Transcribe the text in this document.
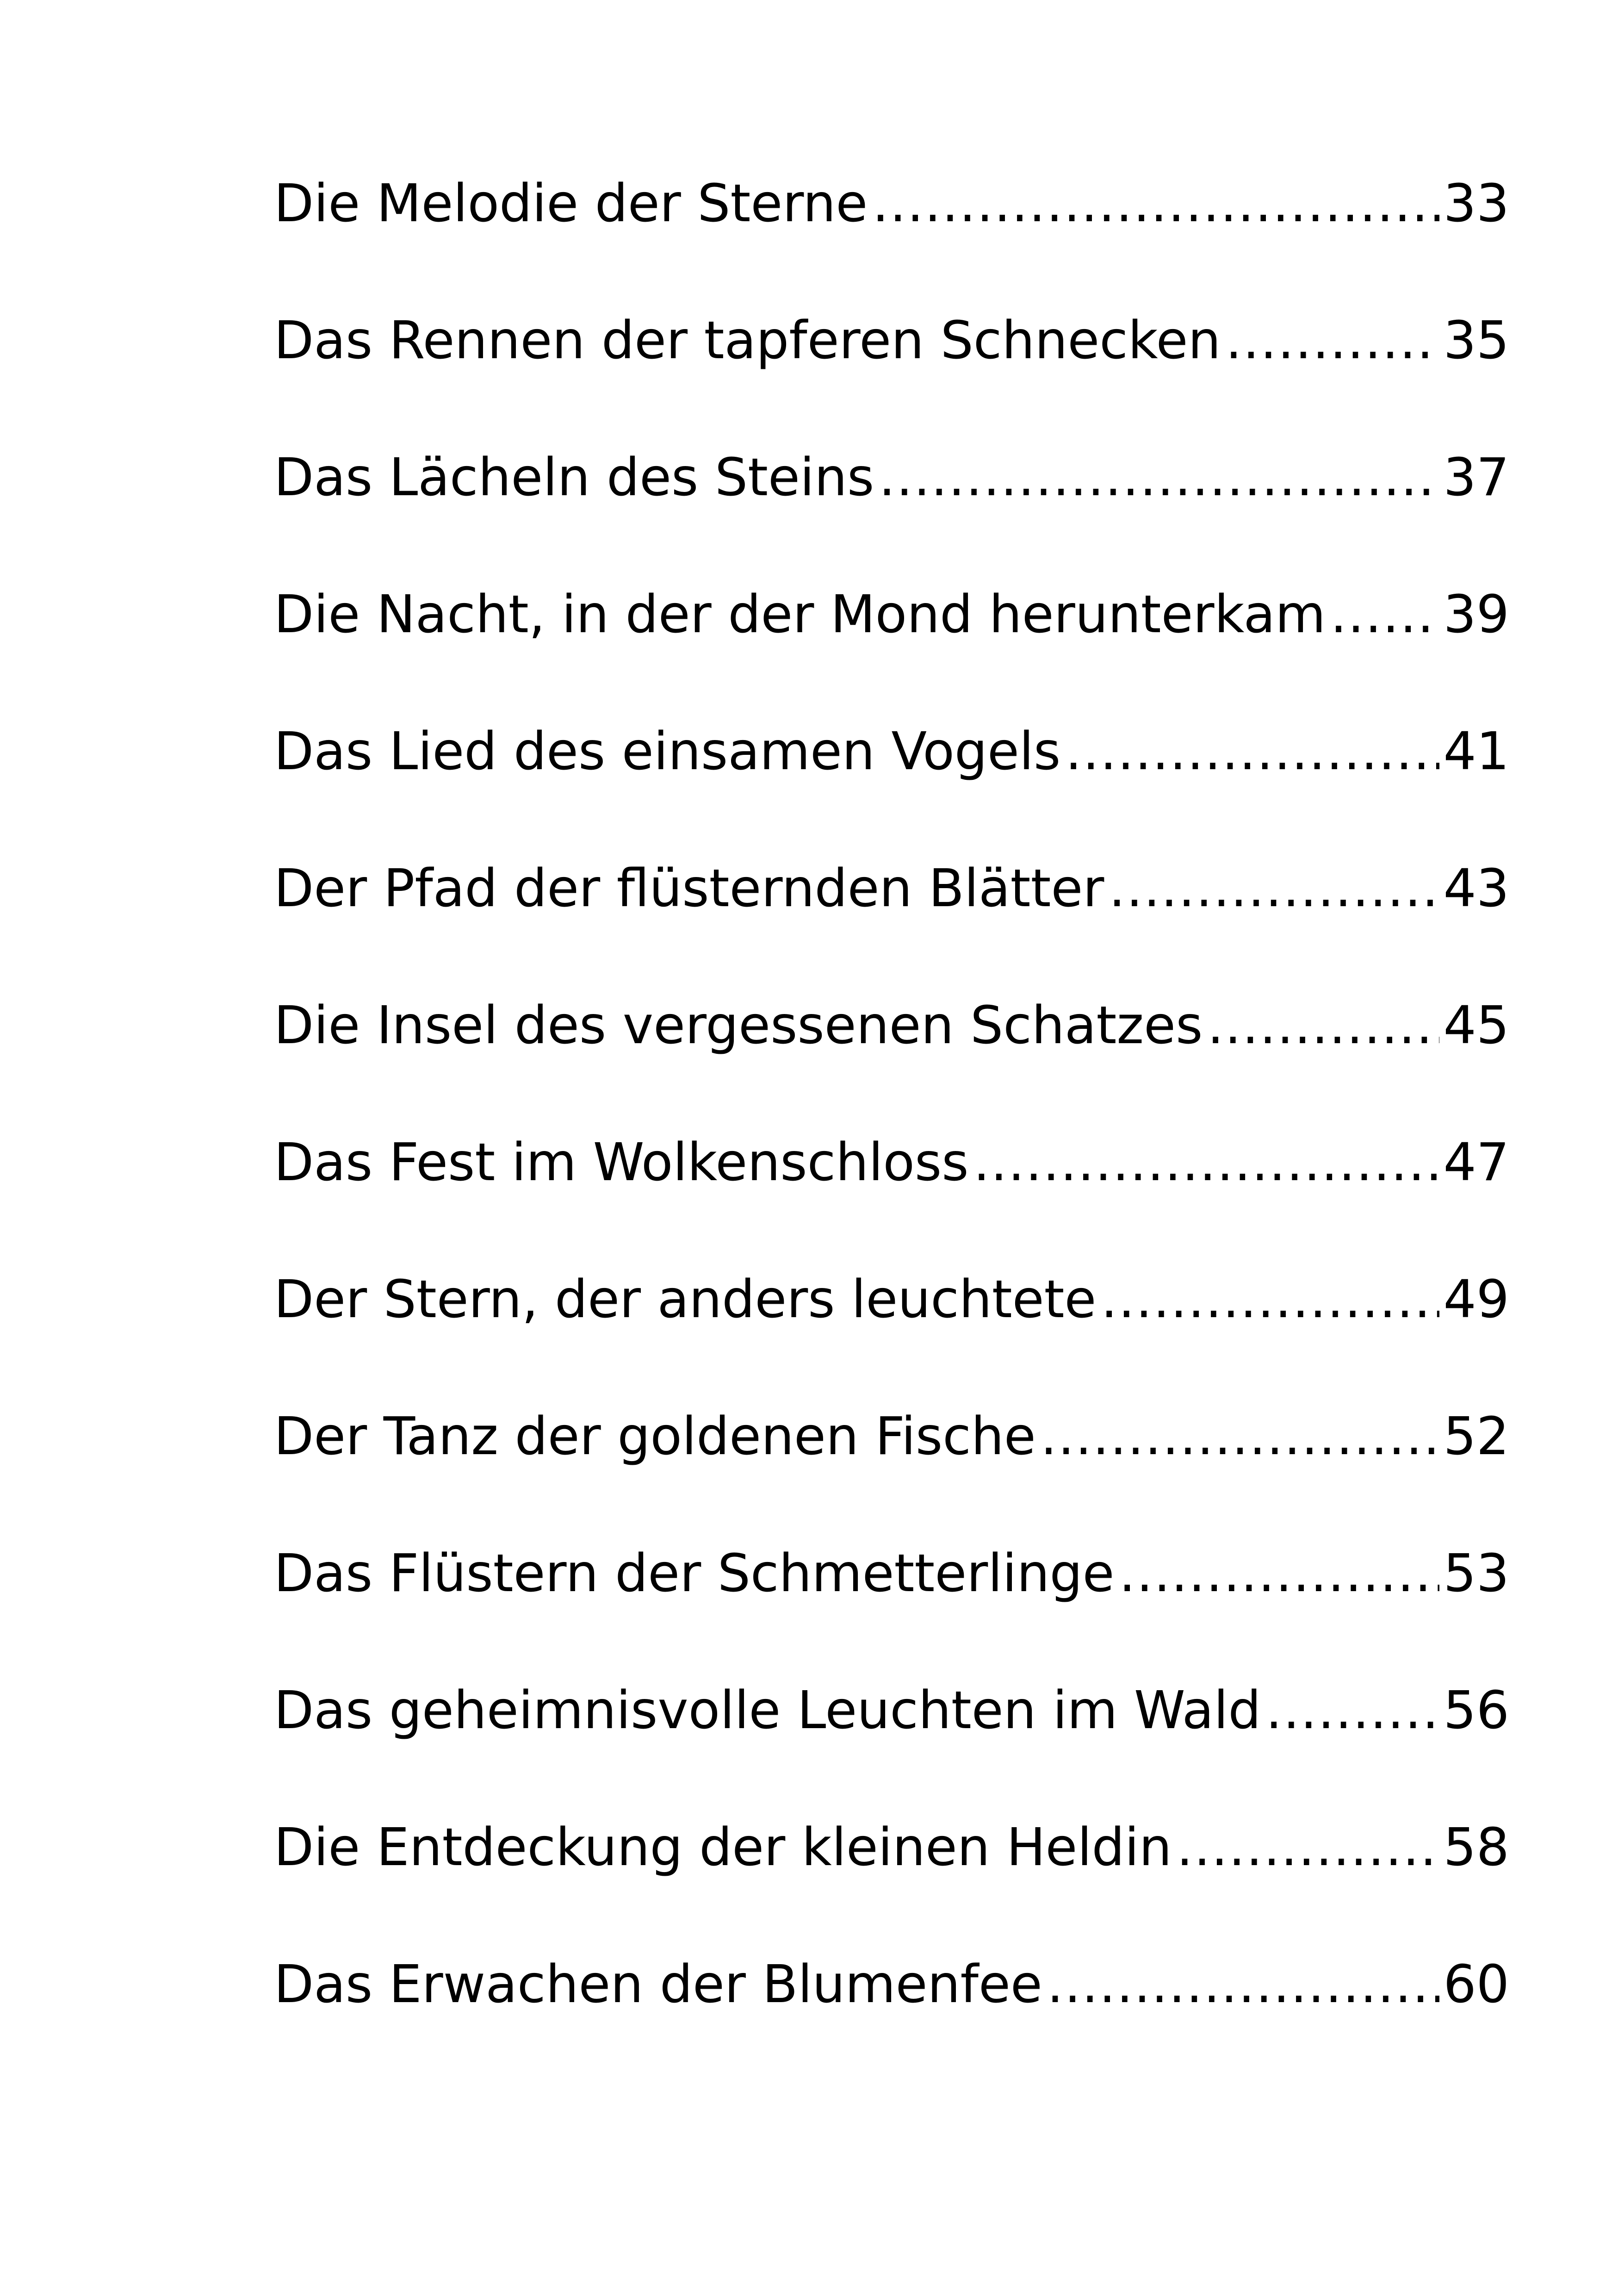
Die Melodie der Sterne .....	33
Das Rennen der tapferen Schnecken .....	35
Das Lächeln des Steins .....	37
Die Nacht, in der der Mond herunterkam ..... 39
Das Lied des einsamen Vogels .....	41
Der Pfad der flüsternden Blätter .....	43
Die Insel des vergessenen Schatzes .....	45
Das Fest im Wolkenschloss .....	47
Der Stern, der anders leuchtete .....	49
Der Tanz der goldenen Fische .....	52
Das Flüstern der Schmetterlinge .....	53
Das geheimnisvolle Leuchten im Wald .....	56
Die Entdeckung der kleinen Heldin .....	58
Das Erwachen der Blumenfee .....	60
